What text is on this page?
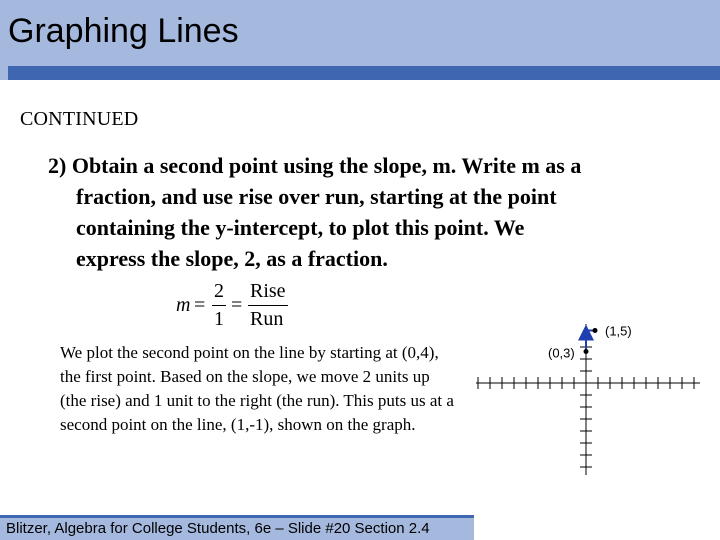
Graphing Lines
CONTINUED
2) Obtain a second point using the slope, m. Write m as a
fraction, and use rise over run, starting at the point
containing the y-intercept, to plot this point. We
express the slope, 2, as a fraction.
m =
2
1
=
Rise
Run
We plot the second point on the line by starting at (0,4), the first point. Based on the slope, we move 2 units up (the rise) and 1 unit to the right (the run). This puts us at a second point on the line, (1,-1), shown on the graph.
(0,3)
(1,5)
Blitzer, Algebra for College Students, 6e – Slide #20 Section 2.4
